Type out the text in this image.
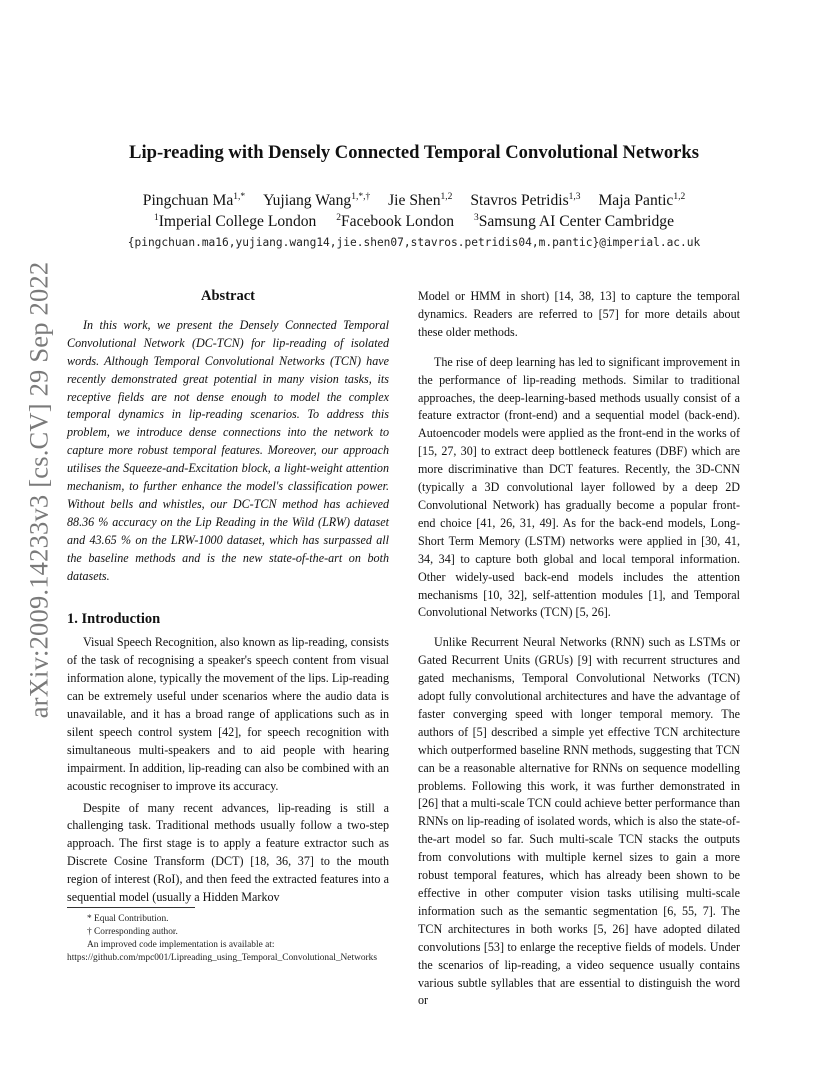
arXiv:2009.14233v3 [cs.CV] 29 Sep 2022
Lip-reading with Densely Connected Temporal Convolutional Networks
Pingchuan $Ma^{1,*}$ Yujiang Wang$^{1,*,\dagger}$ Jie Shen$^{1,2}$ Stavros Petridis$^{1,3}$ Maja Pantic$^{1,2}$
$^1$Imperial College London $^2$Facebook London $^3$Samsung AI Center Cambridge
{pingchuan.ma16,yujiang.wang14,jie.shen07,stavros.petridis04,m.pantic}@imperial.ac.uk
Abstract

In this work, we present the Densely Connected Temporal Convolutional Network (DC-TCN) for lip-reading of isolated words. Although Temporal Convolutional Networks (TCN) have recently demonstrated great potential in many vision tasks, its receptive fields are not dense enough to model the complex temporal dynamics in lip-reading scenarios. To address this problem, we introduce dense connections into the network to capture more robust temporal features. Moreover, our approach utilises the Squeeze-and-Excitation block, a light-weight attention mechanism, to further enhance the model's classification power. Without bells and whistles, our DC-TCN method has achieved 88.36 % accuracy on the Lip Reading in the Wild (LRW) dataset and 43.65 % on the LRW-1000 dataset, which has surpassed all the baseline methods and is the new state-of-the-art on both datasets.

1. Introduction

Visual Speech Recognition, also known as lip-reading, consists of the task of recognising a speaker's speech content from visual information alone, typically the movement of the lips. Lip-reading can be extremely useful under scenarios where the audio data is unavailable, and it has a broad range of applications such as in silent speech control system [42], for speech recognition with simultaneous multi-speakers and to aid people with hearing impairment. In addition, lip-reading can also be combined with an acoustic recogniser to improve its accuracy.

Despite of many recent advances, lip-reading is still a challenging task. Traditional methods usually follow a two-step approach. The first stage is to apply a feature extractor such as Discrete Cosine Transform (DCT) [18, 36, 37] to the mouth region of interest (RoI), and then feed the extracted features into a sequential model (usually a Hidden Markov

Model or HMM in short) [14, 38, 13] to capture the temporal dynamics. Readers are referred to [57] for more details about these older methods.

The rise of deep learning has led to significant improvement in the performance of lip-reading methods. Similar to traditional approaches, the deep-learning-based methods usually consist of a feature extractor (front-end) and a sequential model (back-end). Autoencoder models were applied as the front-end in the works of [15, 27, 30] to extract deep bottleneck features (DBF) which are more discriminative than DCT features. Recently, the 3D-CNN (typically a 3D convolutional layer followed by a deep 2D Convolutional Network) has gradually become a popular front-end choice [41, 26, 31, 49]. As for the back-end models, Long-Short Term Memory (LSTM) networks were applied in [30, 41, 34, 34] to capture both global and local temporal information. Other widely-used back-end models includes the attention mechanisms [10, 32], self-attention modules [1], and Temporal Convolutional Networks (TCN) [5, 26].

Unlike Recurrent Neural Networks (RNN) such as LSTMs or Gated Recurrent Units (GRUs) [9] with recurrent structures and gated mechanisms, Temporal Convolutional Networks (TCN) adopt fully convolutional architectures and have the advantage of faster converging speed with longer temporal memory. The authors of [5] described a simple yet effective TCN architecture which outperformed baseline RNN methods, suggesting that TCN can be a reasonable alternative for RNNs on sequence modelling problems. Following this work, it was further demonstrated in [26] that a multi-scale TCN could achieve better performance than RNNs on lip-reading of isolated words, which is also the state-of-the-art model so far. Such multi-scale TCN stacks the outputs from convolutions with multiple kernel sizes to gain a more robust temporal features, which has already been shown to be effective in other computer vision tasks utilising multi-scale information such as the semantic segmentation [6, 55, 7]. The TCN architectures in both works [5, 26] have adopted dilated convolutions [53] to enlarge the receptive fields of models. Under the scenarios of lip-reading, a video sequence usually contains various subtle syllables that are essential to distinguish the word or

* Equal Contribution.
† Corresponding author.
An improved code implementation is available at: https://github.com/mpc001/Lipreading_using_Temporal_Convolutional_Networks
